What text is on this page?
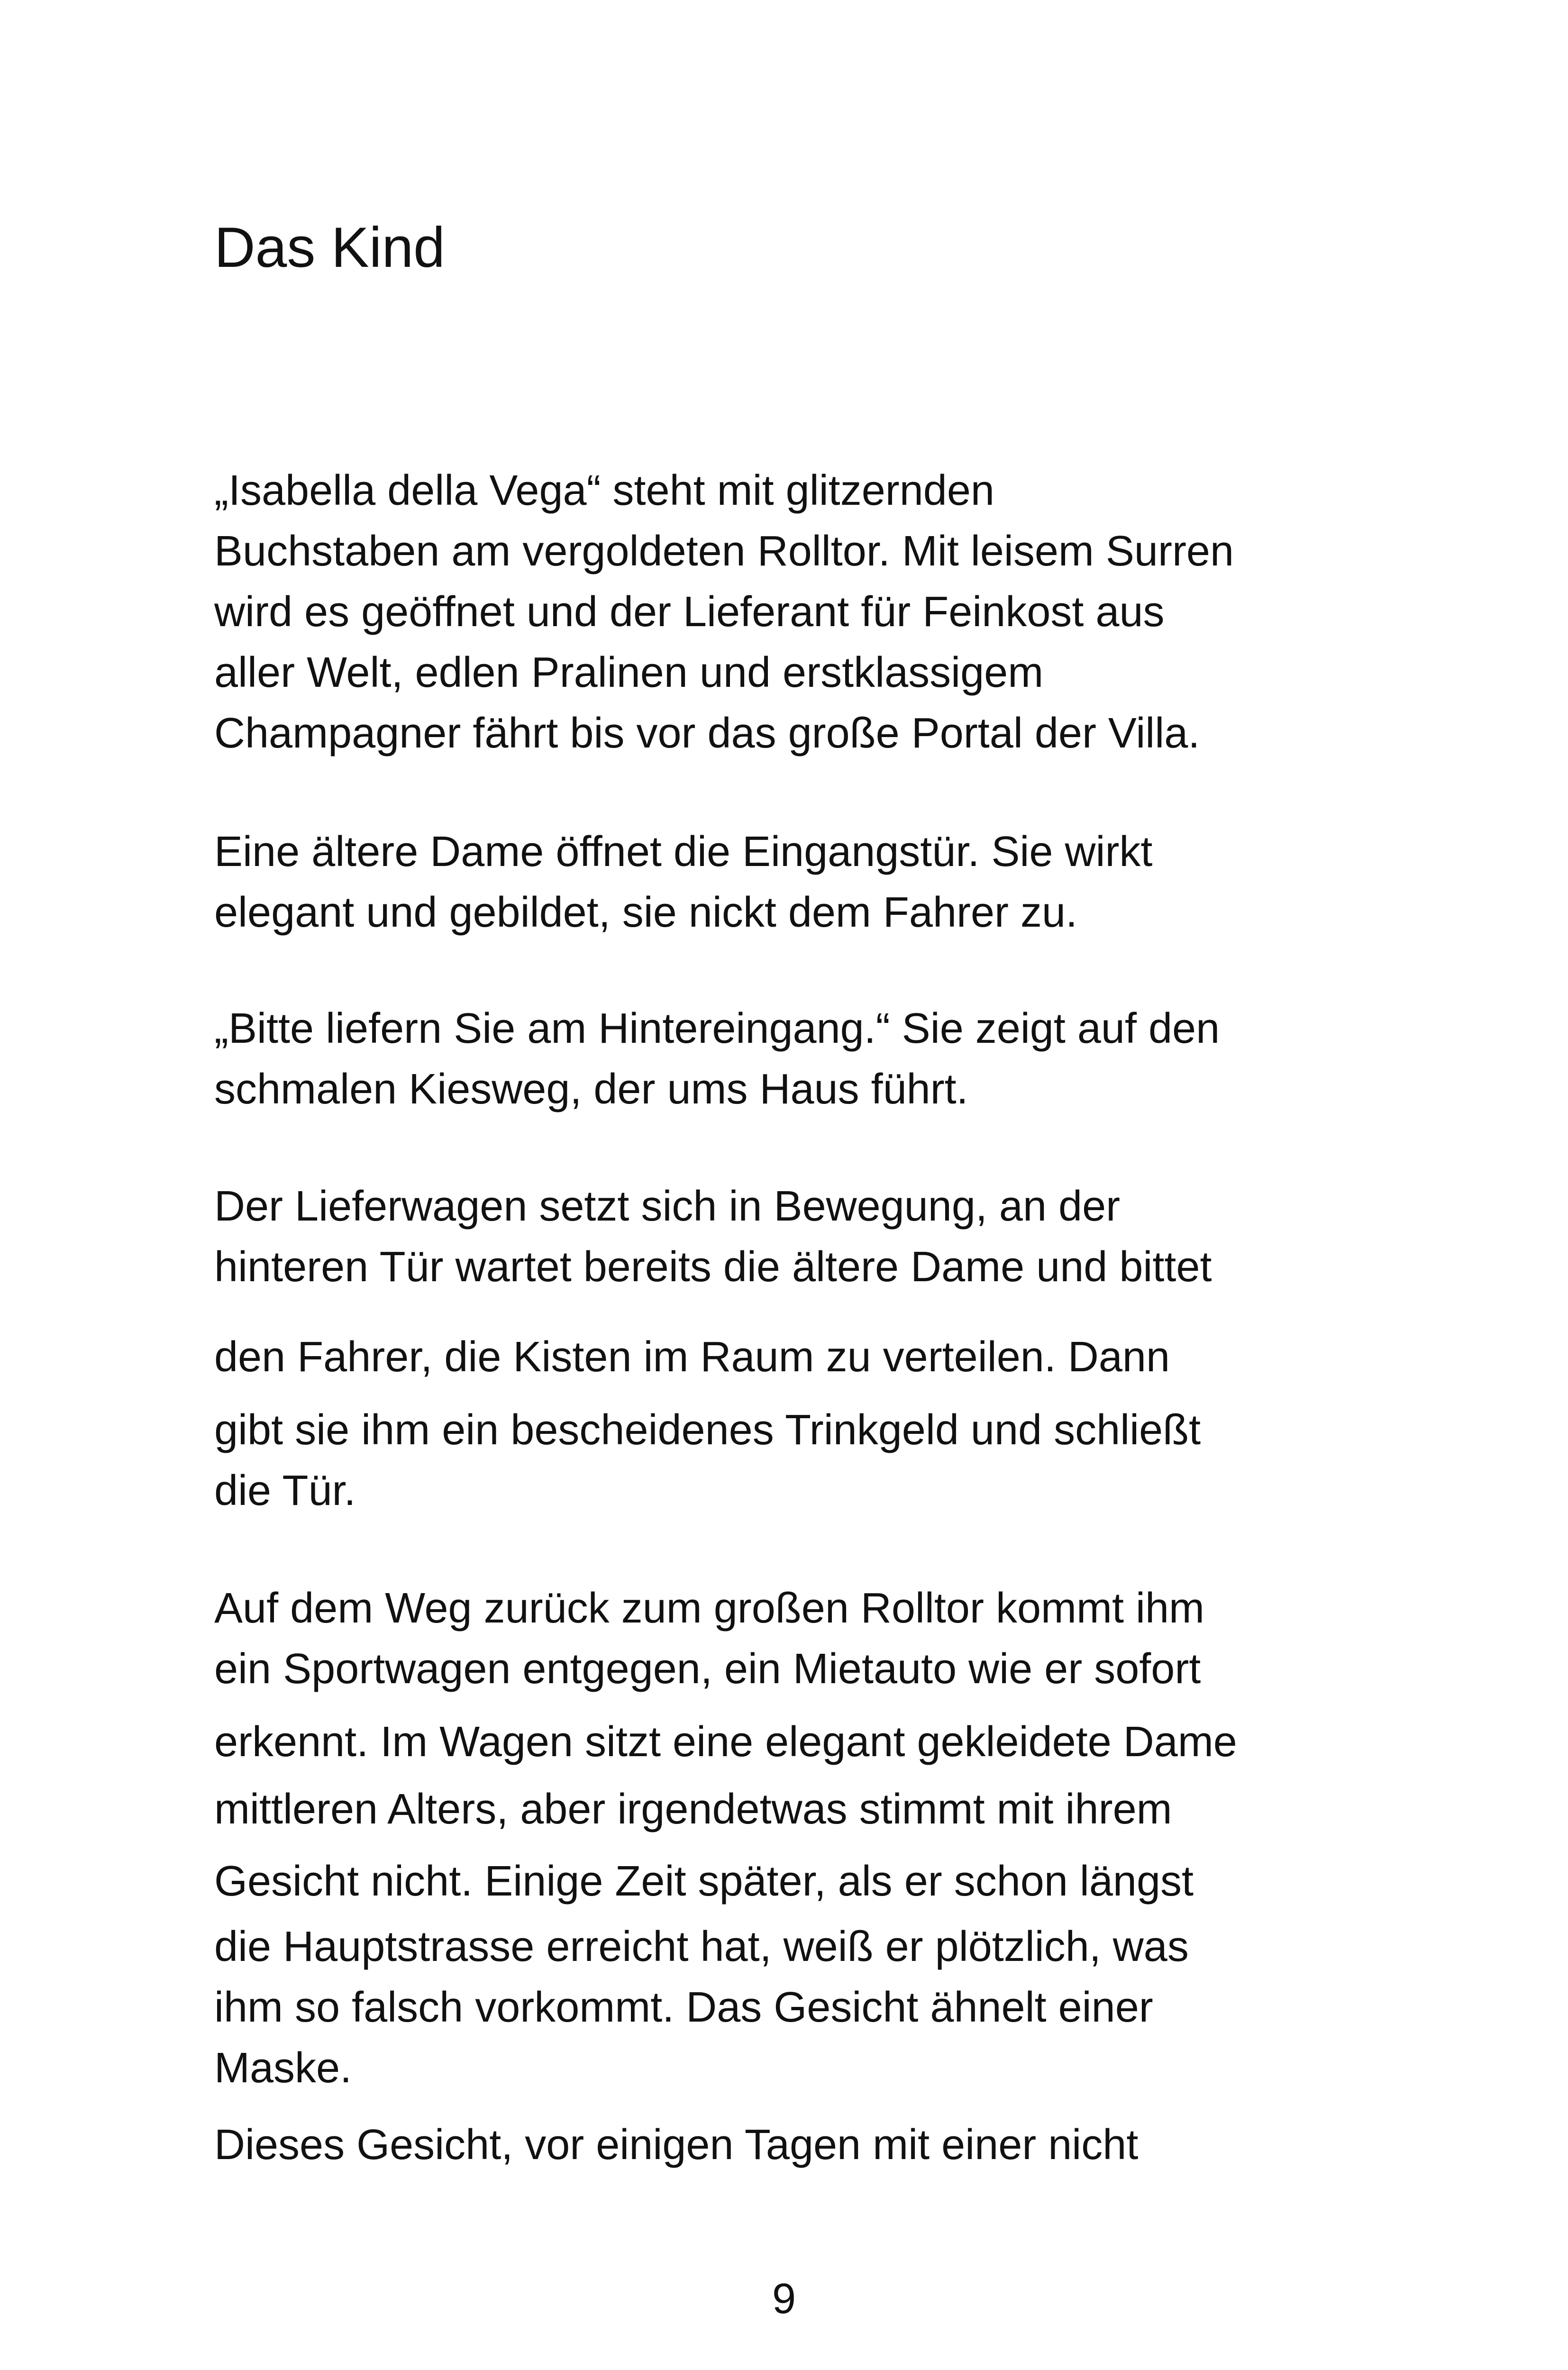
Das Kind
„Isabella della Vega“ steht mit glitzernden
Buchstaben am vergoldeten Rolltor. Mit leisem Surren
wird es geöffnet und der Lieferant für Feinkost aus
aller Welt, edlen Pralinen und erstklassigem
Champagner fährt bis vor das große Portal der Villa.
Eine ältere Dame öffnet die Eingangstür. Sie wirkt
elegant und gebildet, sie nickt dem Fahrer zu.
„Bitte liefern Sie am Hintereingang.“ Sie zeigt auf den
schmalen Kiesweg, der ums Haus führt.
Der Lieferwagen setzt sich in Bewegung, an der
hinteren Tür wartet bereits die ältere Dame und bittet
den Fahrer, die Kisten im Raum zu verteilen. Dann
gibt sie ihm ein bescheidenes Trinkgeld und schließt
die Tür.
Auf dem Weg zurück zum großen Rolltor kommt ihm
ein Sportwagen entgegen, ein Mietauto wie er sofort
erkennt. Im Wagen sitzt eine elegant gekleidete Dame
mittleren Alters, aber irgendetwas stimmt mit ihrem
Gesicht nicht. Einige Zeit später, als er schon längst
die Hauptstrasse erreicht hat, weiß er plötzlich, was
ihm so falsch vorkommt. Das Gesicht ähnelt einer
Maske.
Dieses Gesicht, vor einigen Tagen mit einer nicht
9
